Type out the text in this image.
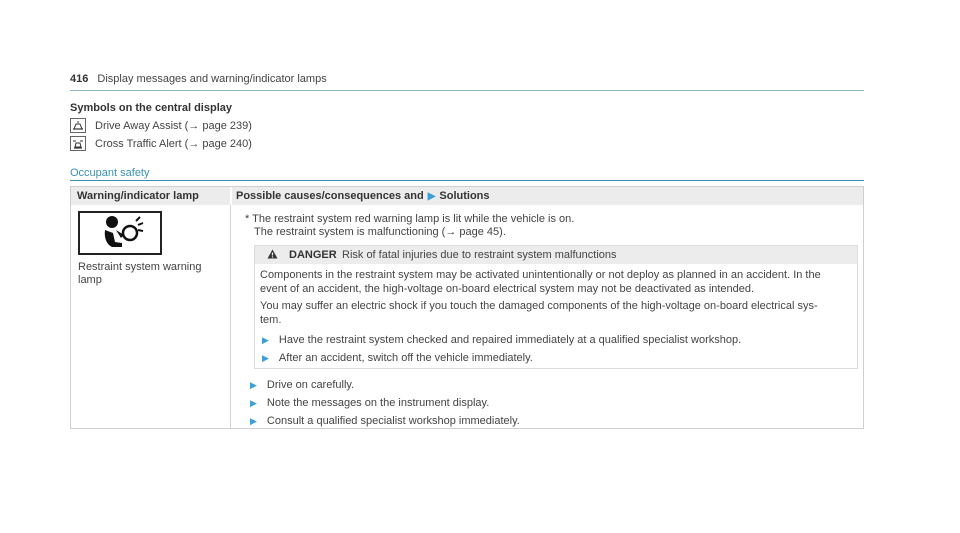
416 Display messages and warning/indicator lamps
Symbols on the central display
Drive Away Assist (→ page 239)
Cross Traffic Alert (→ page 240)
Occupant safety
Warning/indicator lamp	Possible causes/consequences and ▶ Solutions
Restraint system warning lamp
* The restraint system red warning lamp is lit while the vehicle is on.
The restraint system is malfunctioning (→ page 45).
DANGER Risk of fatal injuries due to restraint system malfunctions
Components in the restraint system may be activated unintentionally or not deploy as planned in an accident. In the
event of an accident, the high-voltage on-board electrical system may not be deactivated as intended.
You may suffer an electric shock if you touch the damaged components of the high-voltage on-board electrical sys-
tem.
▶ Have the restraint system checked and repaired immediately at a qualified specialist workshop.
▶ After an accident, switch off the vehicle immediately.
▶ Drive on carefully.
▶ Note the messages on the instrument display.
▶ Consult a qualified specialist workshop immediately.
